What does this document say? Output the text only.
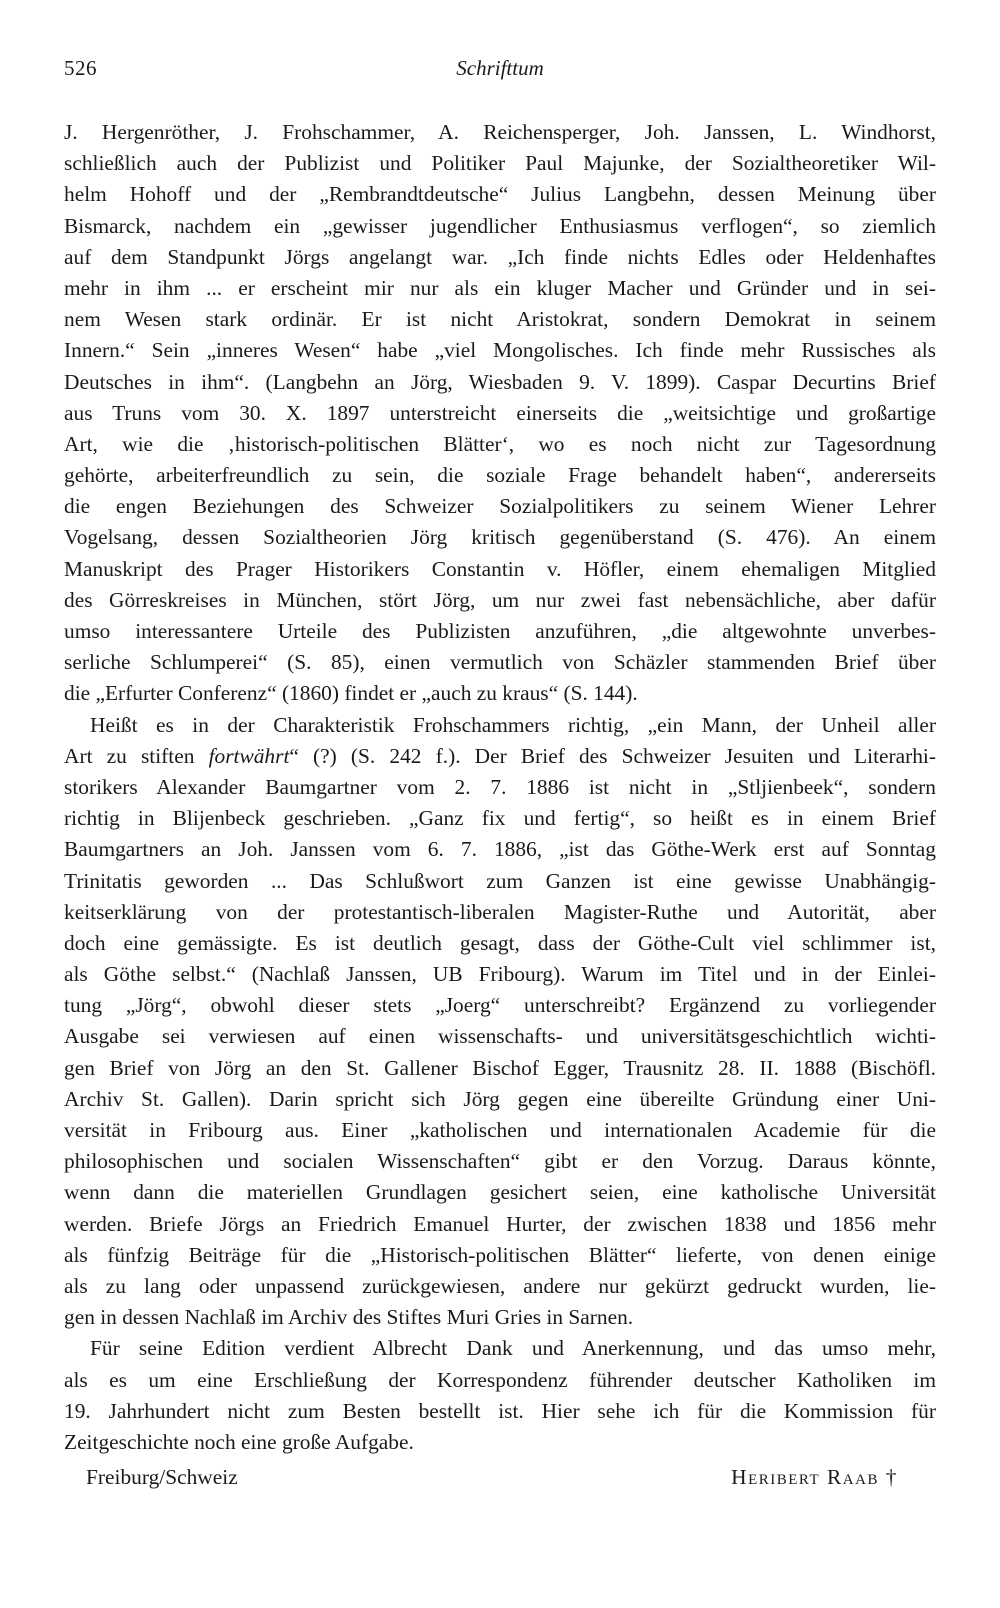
526	Schrifttum
J. Hergenröther, J. Frohschammer, A. Reichensperger, Joh. Janssen, L. Windhorst,
schließlich auch der Publizist und Politiker Paul Majunke, der Sozialtheoretiker Wil-
helm Hohoff und der „Rembrandtdeutsche“ Julius Langbehn, dessen Meinung über
Bismarck, nachdem ein „gewisser jugendlicher Enthusiasmus verflogen“, so ziemlich
auf dem Standpunkt Jörgs angelangt war. „Ich finde nichts Edles oder Heldenhaftes
mehr in ihm ... er erscheint mir nur als ein kluger Macher und Gründer und in sei-
nem Wesen stark ordinär. Er ist nicht Aristokrat, sondern Demokrat in seinem
Innern.“ Sein „inneres Wesen“ habe „viel Mongolisches. Ich finde mehr Russisches als
Deutsches in ihm“. (Langbehn an Jörg, Wiesbaden 9. V. 1899). Caspar Decurtins Brief
aus Truns vom 30. X. 1897 unterstreicht einerseits die „weitsichtige und großartige
Art, wie die ‚historisch-politischen Blätter‘, wo es noch nicht zur Tagesordnung
gehörte, arbeiterfreundlich zu sein, die soziale Frage behandelt haben“, andererseits
die engen Beziehungen des Schweizer Sozialpolitikers zu seinem Wiener Lehrer
Vogelsang, dessen Sozialtheorien Jörg kritisch gegenüberstand (S. 476). An einem
Manuskript des Prager Historikers Constantin v. Höfler, einem ehemaligen Mitglied
des Görreskreises in München, stört Jörg, um nur zwei fast nebensächliche, aber dafür
umso interessantere Urteile des Publizisten anzuführen, „die altgewohnte unverbes-
serliche Schlumperei“ (S. 85), einen vermutlich von Schäzler stammenden Brief über
die „Erfurter Conferenz“ (1860) findet er „auch zu kraus“ (S. 144).
Heißt es in der Charakteristik Frohschammers richtig, „ein Mann, der Unheil aller
Art zu stiften fortwährt“ (?) (S. 242 f.). Der Brief des Schweizer Jesuiten und Literarhi-
storikers Alexander Baumgartner vom 2. 7. 1886 ist nicht in „Stljienbeek“, sondern
richtig in Blijenbeck geschrieben. „Ganz fix und fertig“, so heißt es in einem Brief
Baumgartners an Joh. Janssen vom 6. 7. 1886, „ist das Göthe-Werk erst auf Sonntag
Trinitatis geworden ... Das Schlußwort zum Ganzen ist eine gewisse Unabhängig-
keitserklärung von der protestantisch-liberalen Magister-Ruthe und Autorität, aber
doch eine gemässigte. Es ist deutlich gesagt, dass der Göthe-Cult viel schlimmer ist,
als Göthe selbst.“ (Nachlaß Janssen, UB Fribourg). Warum im Titel und in der Einlei-
tung „Jörg“, obwohl dieser stets „Joerg“ unterschreibt? Ergänzend zu vorliegender
Ausgabe sei verwiesen auf einen wissenschafts- und universitätsgeschichtlich wichti-
gen Brief von Jörg an den St. Gallener Bischof Egger, Trausnitz 28. II. 1888 (Bischöfl.
Archiv St. Gallen). Darin spricht sich Jörg gegen eine übereilte Gründung einer Uni-
versität in Fribourg aus. Einer „katholischen und internationalen Academie für die
philosophischen und socialen Wissenschaften“ gibt er den Vorzug. Daraus könnte,
wenn dann die materiellen Grundlagen gesichert seien, eine katholische Universität
werden. Briefe Jörgs an Friedrich Emanuel Hurter, der zwischen 1838 und 1856 mehr
als fünfzig Beiträge für die „Historisch-politischen Blätter“ lieferte, von denen einige
als zu lang oder unpassend zurückgewiesen, andere nur gekürzt gedruckt wurden, lie-
gen in dessen Nachlaß im Archiv des Stiftes Muri Gries in Sarnen.
Für seine Edition verdient Albrecht Dank und Anerkennung, und das umso mehr,
als es um eine Erschließung der Korrespondenz führender deutscher Katholiken im
19. Jahrhundert nicht zum Besten bestellt ist. Hier sehe ich für die Kommission für
Zeitgeschichte noch eine große Aufgabe.
Freiburg/Schweiz	Heribert Raab †
